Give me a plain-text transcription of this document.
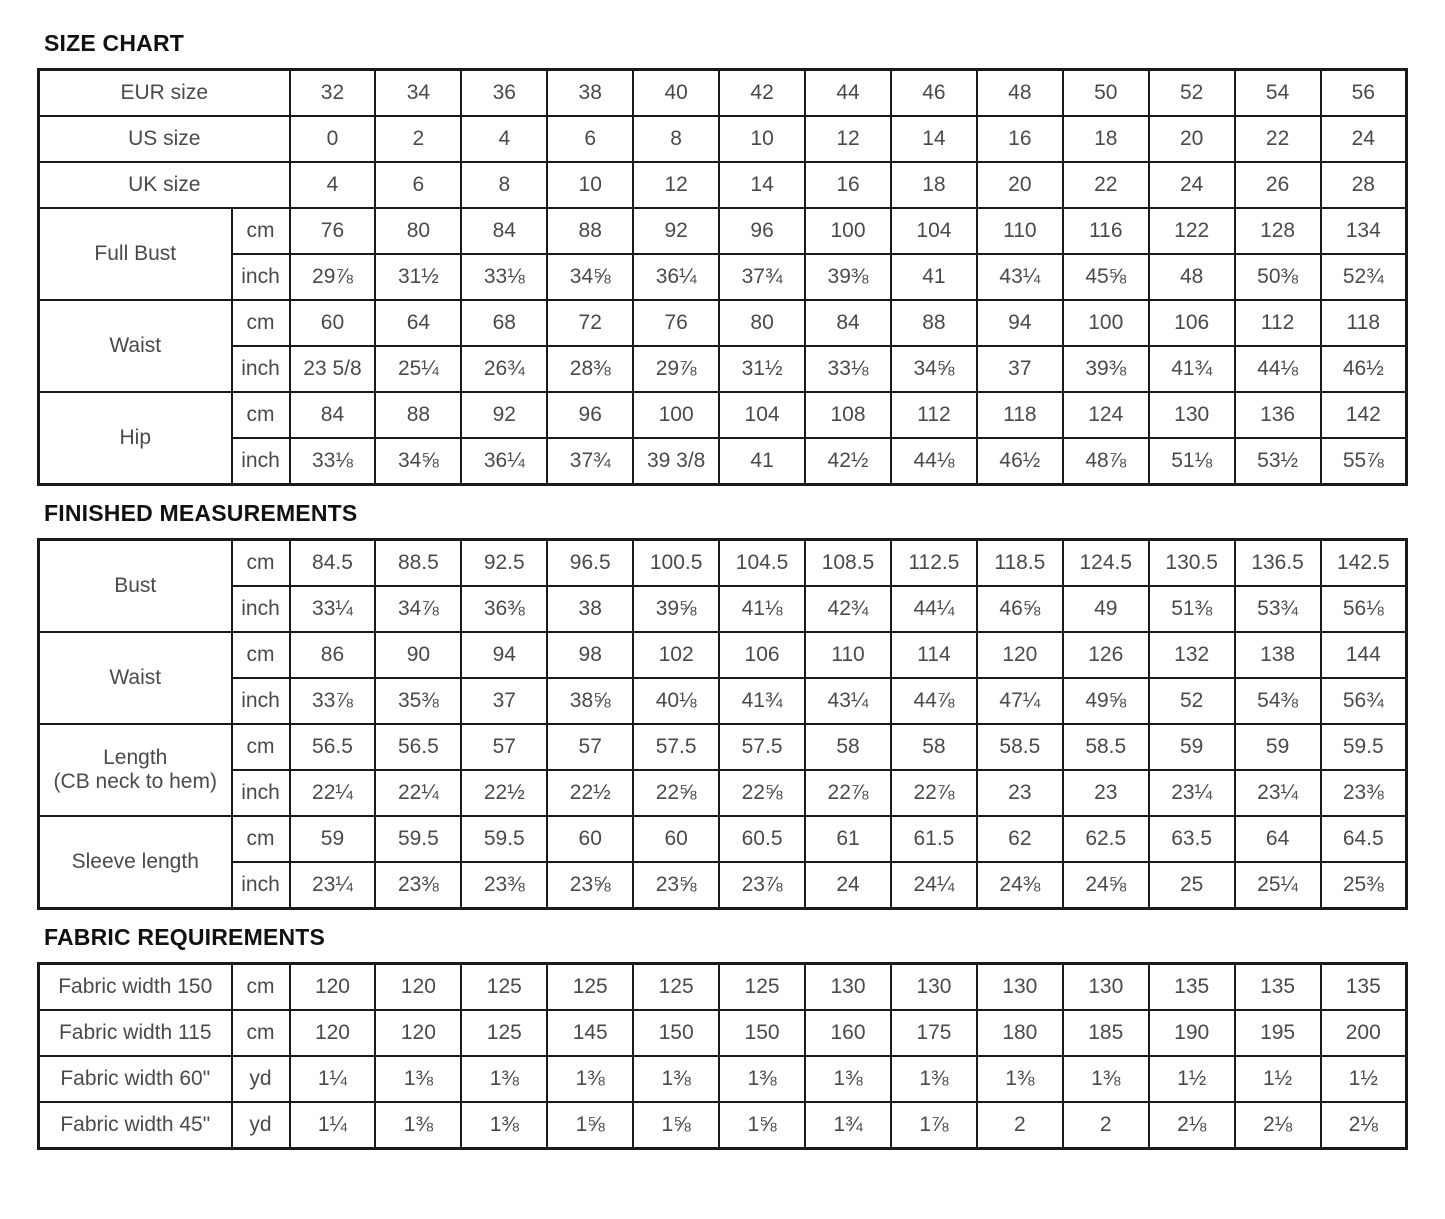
SIZE CHART
EUR size		32	34	36	38	40	42	44	46	48	50	52	54	56
US size		0	2	4	6	8	10	12	14	16	18	20	22	24
UK size		4	6	8	10	12	14	16	18	20	22	24	26	28

Full Bust	cm	76	80	84	88	92	96	100	104	110	116	122	128	134
	inch	29⅞	31½	33⅛	34⅝	36¼	37¾	39⅜	41	43¼	45⅝	48	50⅜	52¾

Waist	cm	60	64	68	72	76	80	84	88	94	100	106	112	118
	inch	23 5/8	25¼	26¾	28⅜	29⅞	31½	33⅛	34⅝	37	39⅜	41¾	44⅛	46½

Hip	cm	84	88	92	96	100	104	108	112	118	124	130	136	142
	inch	33⅛	34⅝	36¼	37¾	39 3/8	41	42½	44⅛	46½	48⅞	51⅛	53½	55⅞
FINISHED MEASUREMENTS
Bust	cm	84.5	88.5	92.5	96.5	100.5	104.5	108.5	112.5	118.5	124.5	130.5	136.5	142.5
	inch	33¼	34⅞	36⅜	38	39⅝	41⅛	42¾	44¼	46⅝	49	51⅜	53¾	56⅛

Waist	cm	86	90	94	98	102	106	110	114	120	126	132	138	144
	inch	33⅞	35⅜	37	38⅝	40⅛	41¾	43¼	44⅞	47¼	49⅝	52	54⅜	56¾

Length
(CB neck to hem)	cm	56.5	56.5	57	57	57.5	57.5	58	58	58.5	58.5	59	59	59.5
	inch	22¼	22¼	22½	22½	22⅝	22⅝	22⅞	22⅞	23	23	23¼	23¼	23⅜

Sleeve length	cm	59	59.5	59.5	60	60	60.5	61	61.5	62	62.5	63.5	64	64.5
	inch	23¼	23⅜	23⅜	23⅝	23⅝	23⅞	24	24¼	24⅜	24⅝	25	25¼	25⅜
FABRIC REQUIREMENTS
Fabric width 150	cm	120	120	125	125	125	125	130	130	130	130	135	135	135
Fabric width 115	cm	120	120	125	145	150	150	160	175	180	185	190	195	200
Fabric width 60"	yd	1¼	1⅜	1⅜	1⅜	1⅜	1⅜	1⅜	1⅜	1⅜	1⅜	1½	1½	1½
Fabric width 45"	yd	1¼	1⅜	1⅜	1⅝	1⅝	1⅝	1¾	1⅞	2	2	2⅛	2⅛	2⅛
